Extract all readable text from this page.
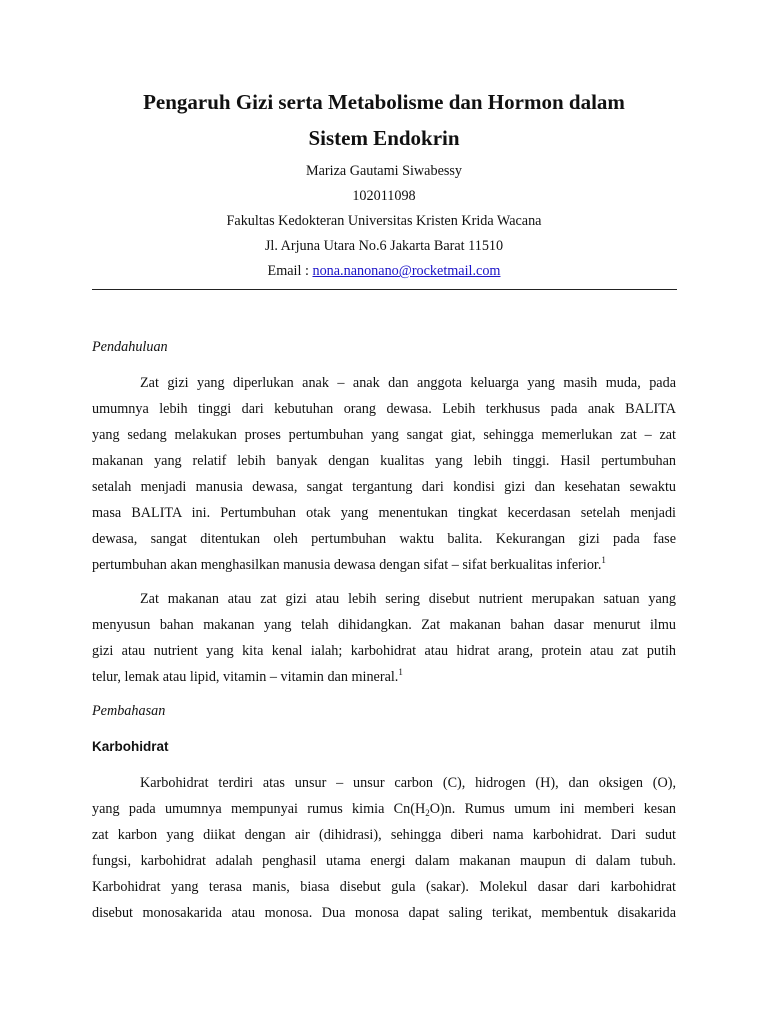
Pengaruh Gizi serta Metabolisme dan Hormon dalam
Sistem Endokrin

Mariza Gautami Siwabessy

102011098

Fakultas Kedokteran Universitas Kristen Krida Wacana

Jl. Arjuna Utara No.6 Jakarta Barat 11510

Email : nona.nanonano@rocketmail.com

Pendahuluan

Zat gizi yang diperlukan anak – anak dan anggota keluarga yang masih muda, pada

umumnya lebih tinggi dari kebutuhan orang dewasa. Lebih terkhusus pada anak BALITA

yang sedang melakukan proses pertumbuhan yang sangat giat, sehingga memerlukan zat – zat

makanan yang relatif lebih banyak dengan kualitas yang lebih tinggi. Hasil pertumbuhan

setalah menjadi manusia dewasa, sangat tergantung dari kondisi gizi dan kesehatan sewaktu

masa BALITA ini. Pertumbuhan otak yang menentukan tingkat kecerdasan setelah menjadi

dewasa, sangat ditentukan oleh pertumbuhan waktu balita. Kekurangan gizi pada fase

pertumbuhan akan menghasilkan manusia dewasa dengan sifat – sifat berkualitas inferior.$^1$

Zat makanan atau zat gizi atau lebih sering disebut nutrient merupakan satuan yang

menyusun bahan makanan yang telah dihidangkan. Zat makanan bahan dasar menurut ilmu

gizi atau nutrient yang kita kenal ialah; karbohidrat atau hidrat arang, protein atau zat putih

telur, lemak atau lipid, vitamin – vitamin dan mineral.$^1$

Pembahasan

Karbohidrat

Karbohidrat terdiri atas unsur – unsur carbon (C), hidrogen (H), dan oksigen (O),

yang pada umumnya mempunyai rumus kimia $Cn(H_2O)n$. Rumus umum ini memberi kesan

zat karbon yang diikat dengan air (dihidrasi), sehingga diberi nama karbohidrat. Dari sudut

fungsi, karbohidrat adalah penghasil utama energi dalam makanan maupun di dalam tubuh.

Karbohidrat yang terasa manis, biasa disebut gula (sakar). Molekul dasar dari karbohidrat

disebut monosakarida atau monosa. Dua monosa dapat saling terikat, membentuk disakarida
